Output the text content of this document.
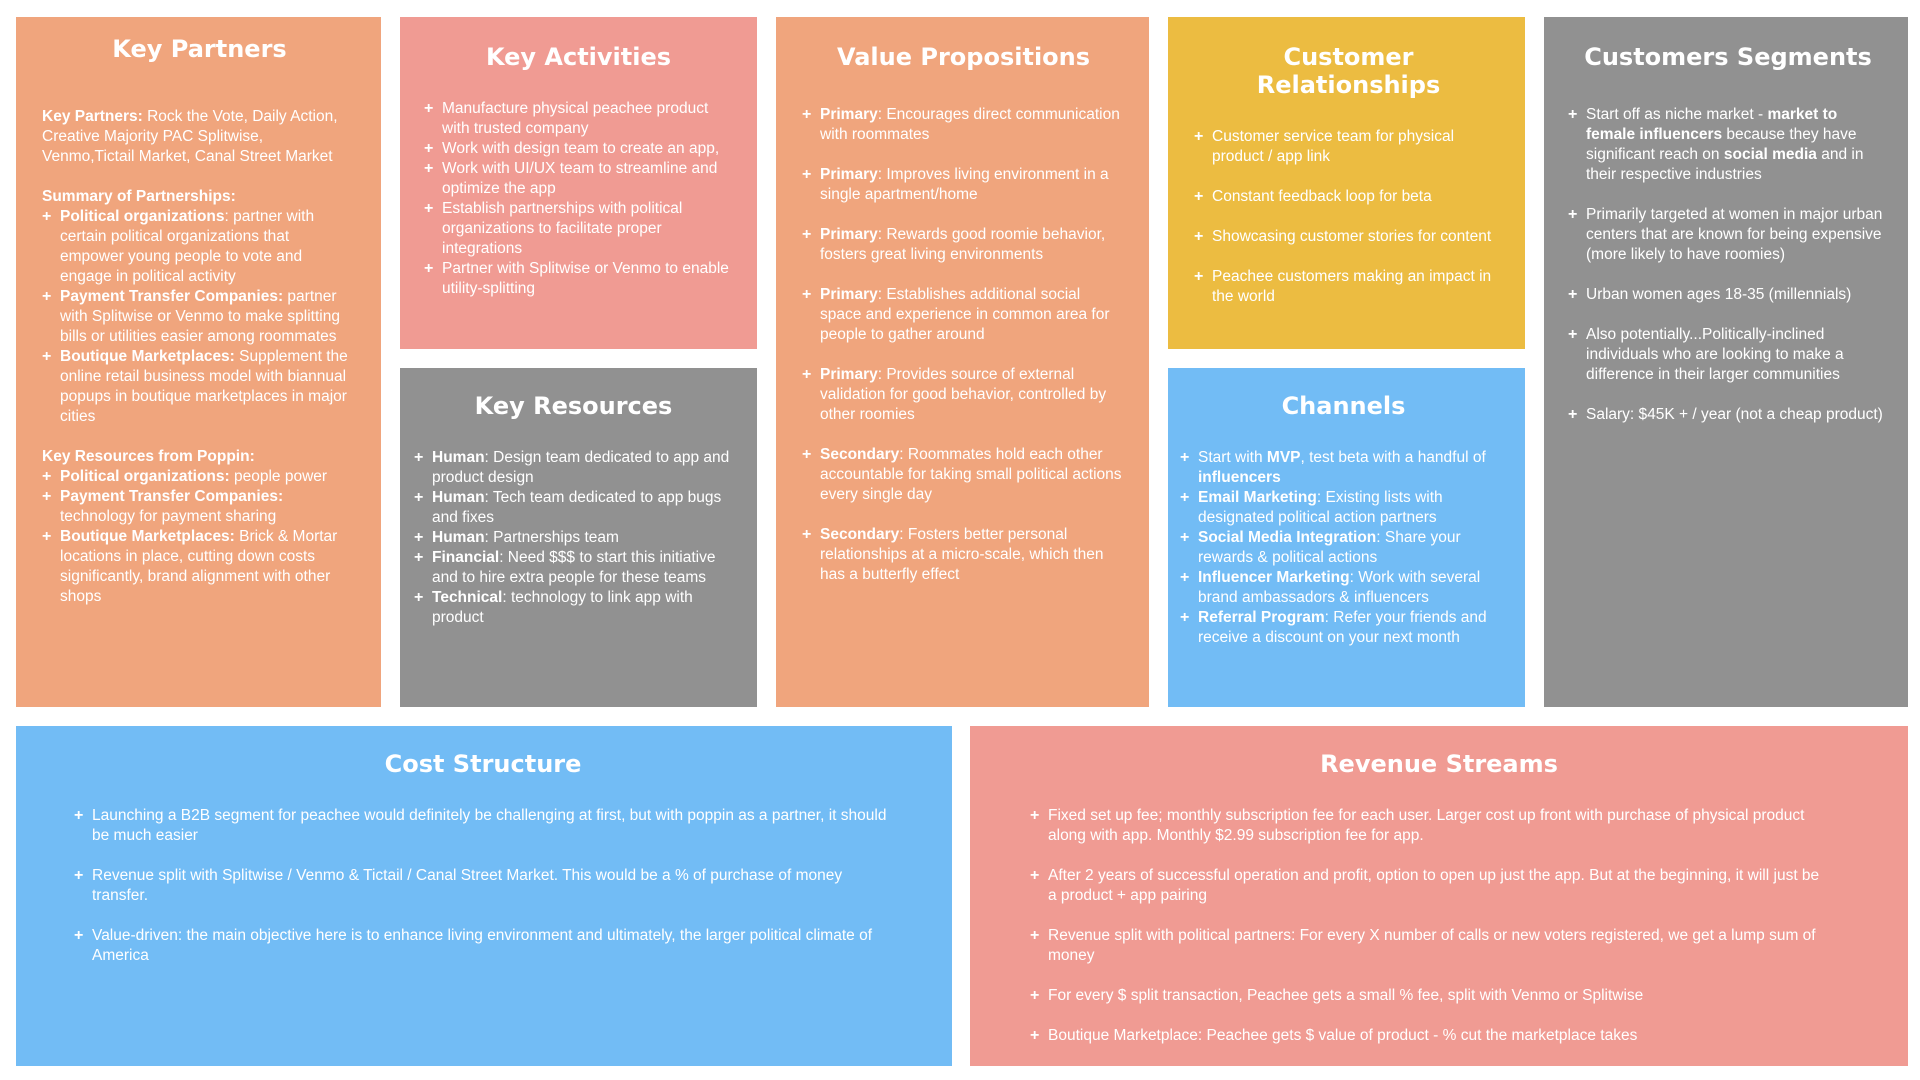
Key Partners

Key Partners: Rock the Vote, Daily Action, Creative Majority PAC Splitwise, Venmo,Tictail Market, Canal Street Market

Summary of Partnerships:

+ Political organizations: partner with certain political organizations that empower young people to vote and engage in political activity
+ Payment Transfer Companies: partner with Splitwise or Venmo to make splitting bills or utilities easier among roommates
+ Boutique Marketplaces: Supplement the online retail business model with biannual popups in boutique marketplaces in major cities

Key Resources from Poppin:

+ Political organizations: people power
+ Payment Transfer Companies: technology for payment sharing
+ Boutique Marketplaces: Brick & Mortar locations in place, cutting down costs significantly, brand alignment with other shops
Key Activities
+ Manufacture physical peachee product with trusted company
+ Work with design team to create an app,
+ Work with UI/UX team to streamline and optimize the app
+ Establish partnerships with political organizations to facilitate proper integrations
+ Partner with Splitwise or Venmo to enable utility-splitting
Key Resources
+ Human: Design team dedicated to app and product design
+ Human: Tech team dedicated to app bugs and fixes
+ Human: Partnerships team
+ Financial: Need $$$ to start this initiative and to hire extra people for these teams
+ Technical: technology to link app with product
Value Propositions
+ Primary: Encourages direct communication with roommates
+ Primary: Improves living environment in a single apartment/home
+ Primary: Rewards good roomie behavior, fosters great living environments
+ Primary: Establishes additional social space and experience in common area for people to gather around
+ Primary: Provides source of external validation for good behavior, controlled by other roomies
+ Secondary: Roommates hold each other accountable for taking small political actions every single day
+ Secondary: Fosters better personal relationships at a micro-scale, which then has a butterfly effect
Customer Relationships
+ Customer service team for physical product / app link
+ Constant feedback loop for beta
+ Showcasing customer stories for content
+ Peachee customers making an impact in the world
Channels
+ Start with MVP, test beta with a handful of influencers
+ Email Marketing: Existing lists with designated political action partners
+ Social Media Integration: Share your rewards & political actions
+ Influencer Marketing: Work with several brand ambassadors & influencers
+ Referral Program: Refer your friends and receive a discount on your next month
Customers Segments
+ Start off as niche market - market to female influencers because they have significant reach on social media and in their respective industries
+ Primarily targeted at women in major urban centers that are known for being expensive (more likely to have roomies)
+ Urban women ages 18-35 (millennials)
+ Also potentially...Politically-inclined individuals who are looking to make a difference in their larger communities
+ Salary: $45K + / year (not a cheap product)
Cost Structure
+ Launching a B2B segment for peachee would definitely be challenging at first, but with poppin as a partner, it should be much easier
+ Revenue split with Splitwise / Venmo & Tictail / Canal Street Market. This would be a % of purchase of money transfer.
+ Value-driven: the main objective here is to enhance living environment and ultimately, the larger political climate of America
Revenue Streams
+ Fixed set up fee; monthly subscription fee for each user. Larger cost up front with purchase of physical product along with app. Monthly $2.99 subscription fee for app.
+ After 2 years of successful operation and profit, option to open up just the app. But at the beginning, it will just be a product + app pairing
+ Revenue split with political partners: For every X number of calls or new voters registered, we get a lump sum of money
+ For every $ split transaction, Peachee gets a small % fee, split with Venmo or Splitwise
+ Boutique Marketplace: Peachee gets $ value of product - % cut the marketplace takes
